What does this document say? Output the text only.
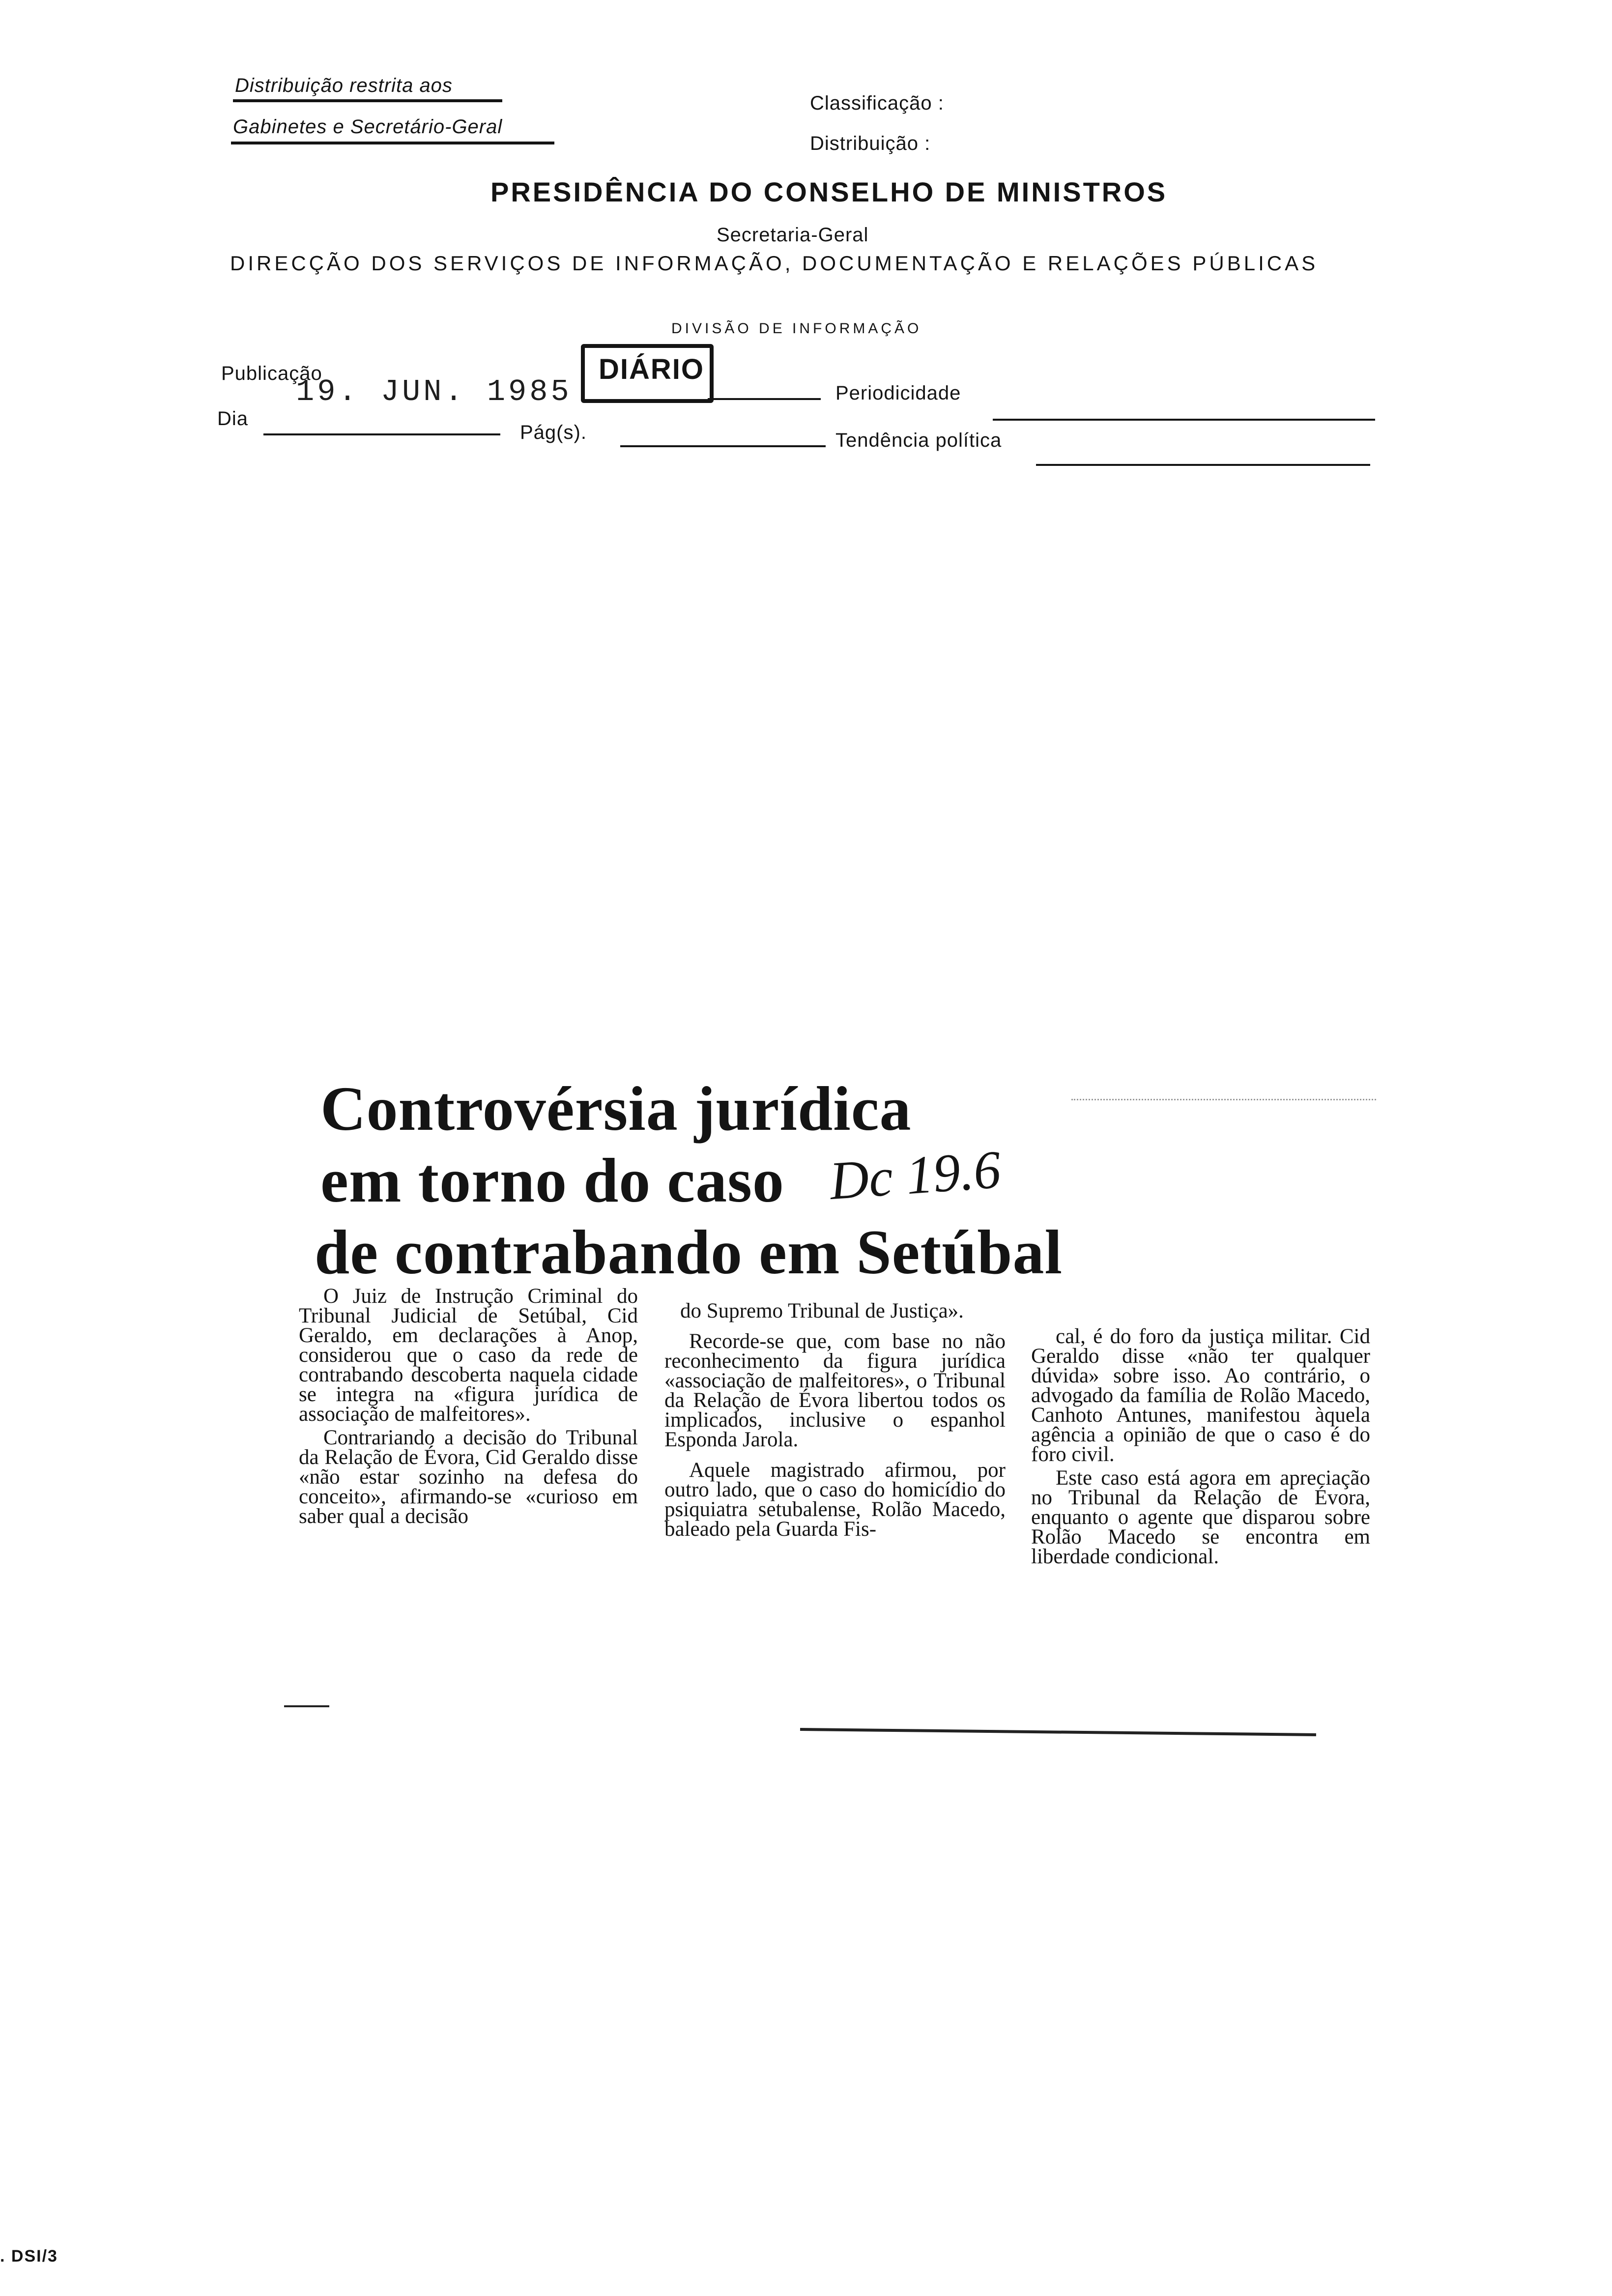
Distribuição restrita aos
Gabinetes e Secretário-Geral
Classificação :
Distribuição :
PRESIDÊNCIA DO CONSELHO DE MINISTROS
Secretaria-Geral
DIRECÇÃO DOS SERVIÇOS DE INFORMAÇÃO, DOCUMENTAÇÃO E RELAÇÕES PÚBLICAS
DIVISÃO DE INFORMAÇÃO
Publicação
19. JUN. 1985
DIÁRIO
Periodicidade
Dia
Pág(s).	Tendência política
Controvérsia jurídica
em torno do caso Dc 19.6
de contrabando em Setúbal

O Juiz de Instrução Criminal do Tribunal Judicial de Setúbal, Cid Geraldo, em declarações à Anop, considerou que o caso da rede de contrabando descoberta naquela cidade se integra na «figura jurídica de associação de malfeitores».

Contrariando a decisão do Tribunal da Relação de Évora, Cid Geraldo disse «não estar sozinho na defesa do conceito», afirmando-se «curioso em saber qual a decisão

do Supremo Tribunal de Justiça».

Recorde-se que, com base no não reconhecimento da figura jurídica «associação de malfeitores», o Tribunal da Relação de Évora libertou todos os implicados, inclusive o espanhol Esponda Jarola.

Aquele magistrado afirmou, por outro lado, que o caso do homicídio do psiquiatra setubalense, Rolão Macedo, baleado pela Guarda Fis-

cal, é do foro da justiça militar. Cid Geraldo disse «não ter qualquer dúvida» sobre isso. Ao contrário, o advogado da família de Rolão Macedo, Canhoto Antunes, manifestou àquela agência a opinião de que o caso é do foro civil.

Este caso está agora em apreciação no Tribunal da Relação de Évora, enquanto o agente que disparou sobre Rolão Macedo se encontra em liberdade condicional.

. DSI/3
